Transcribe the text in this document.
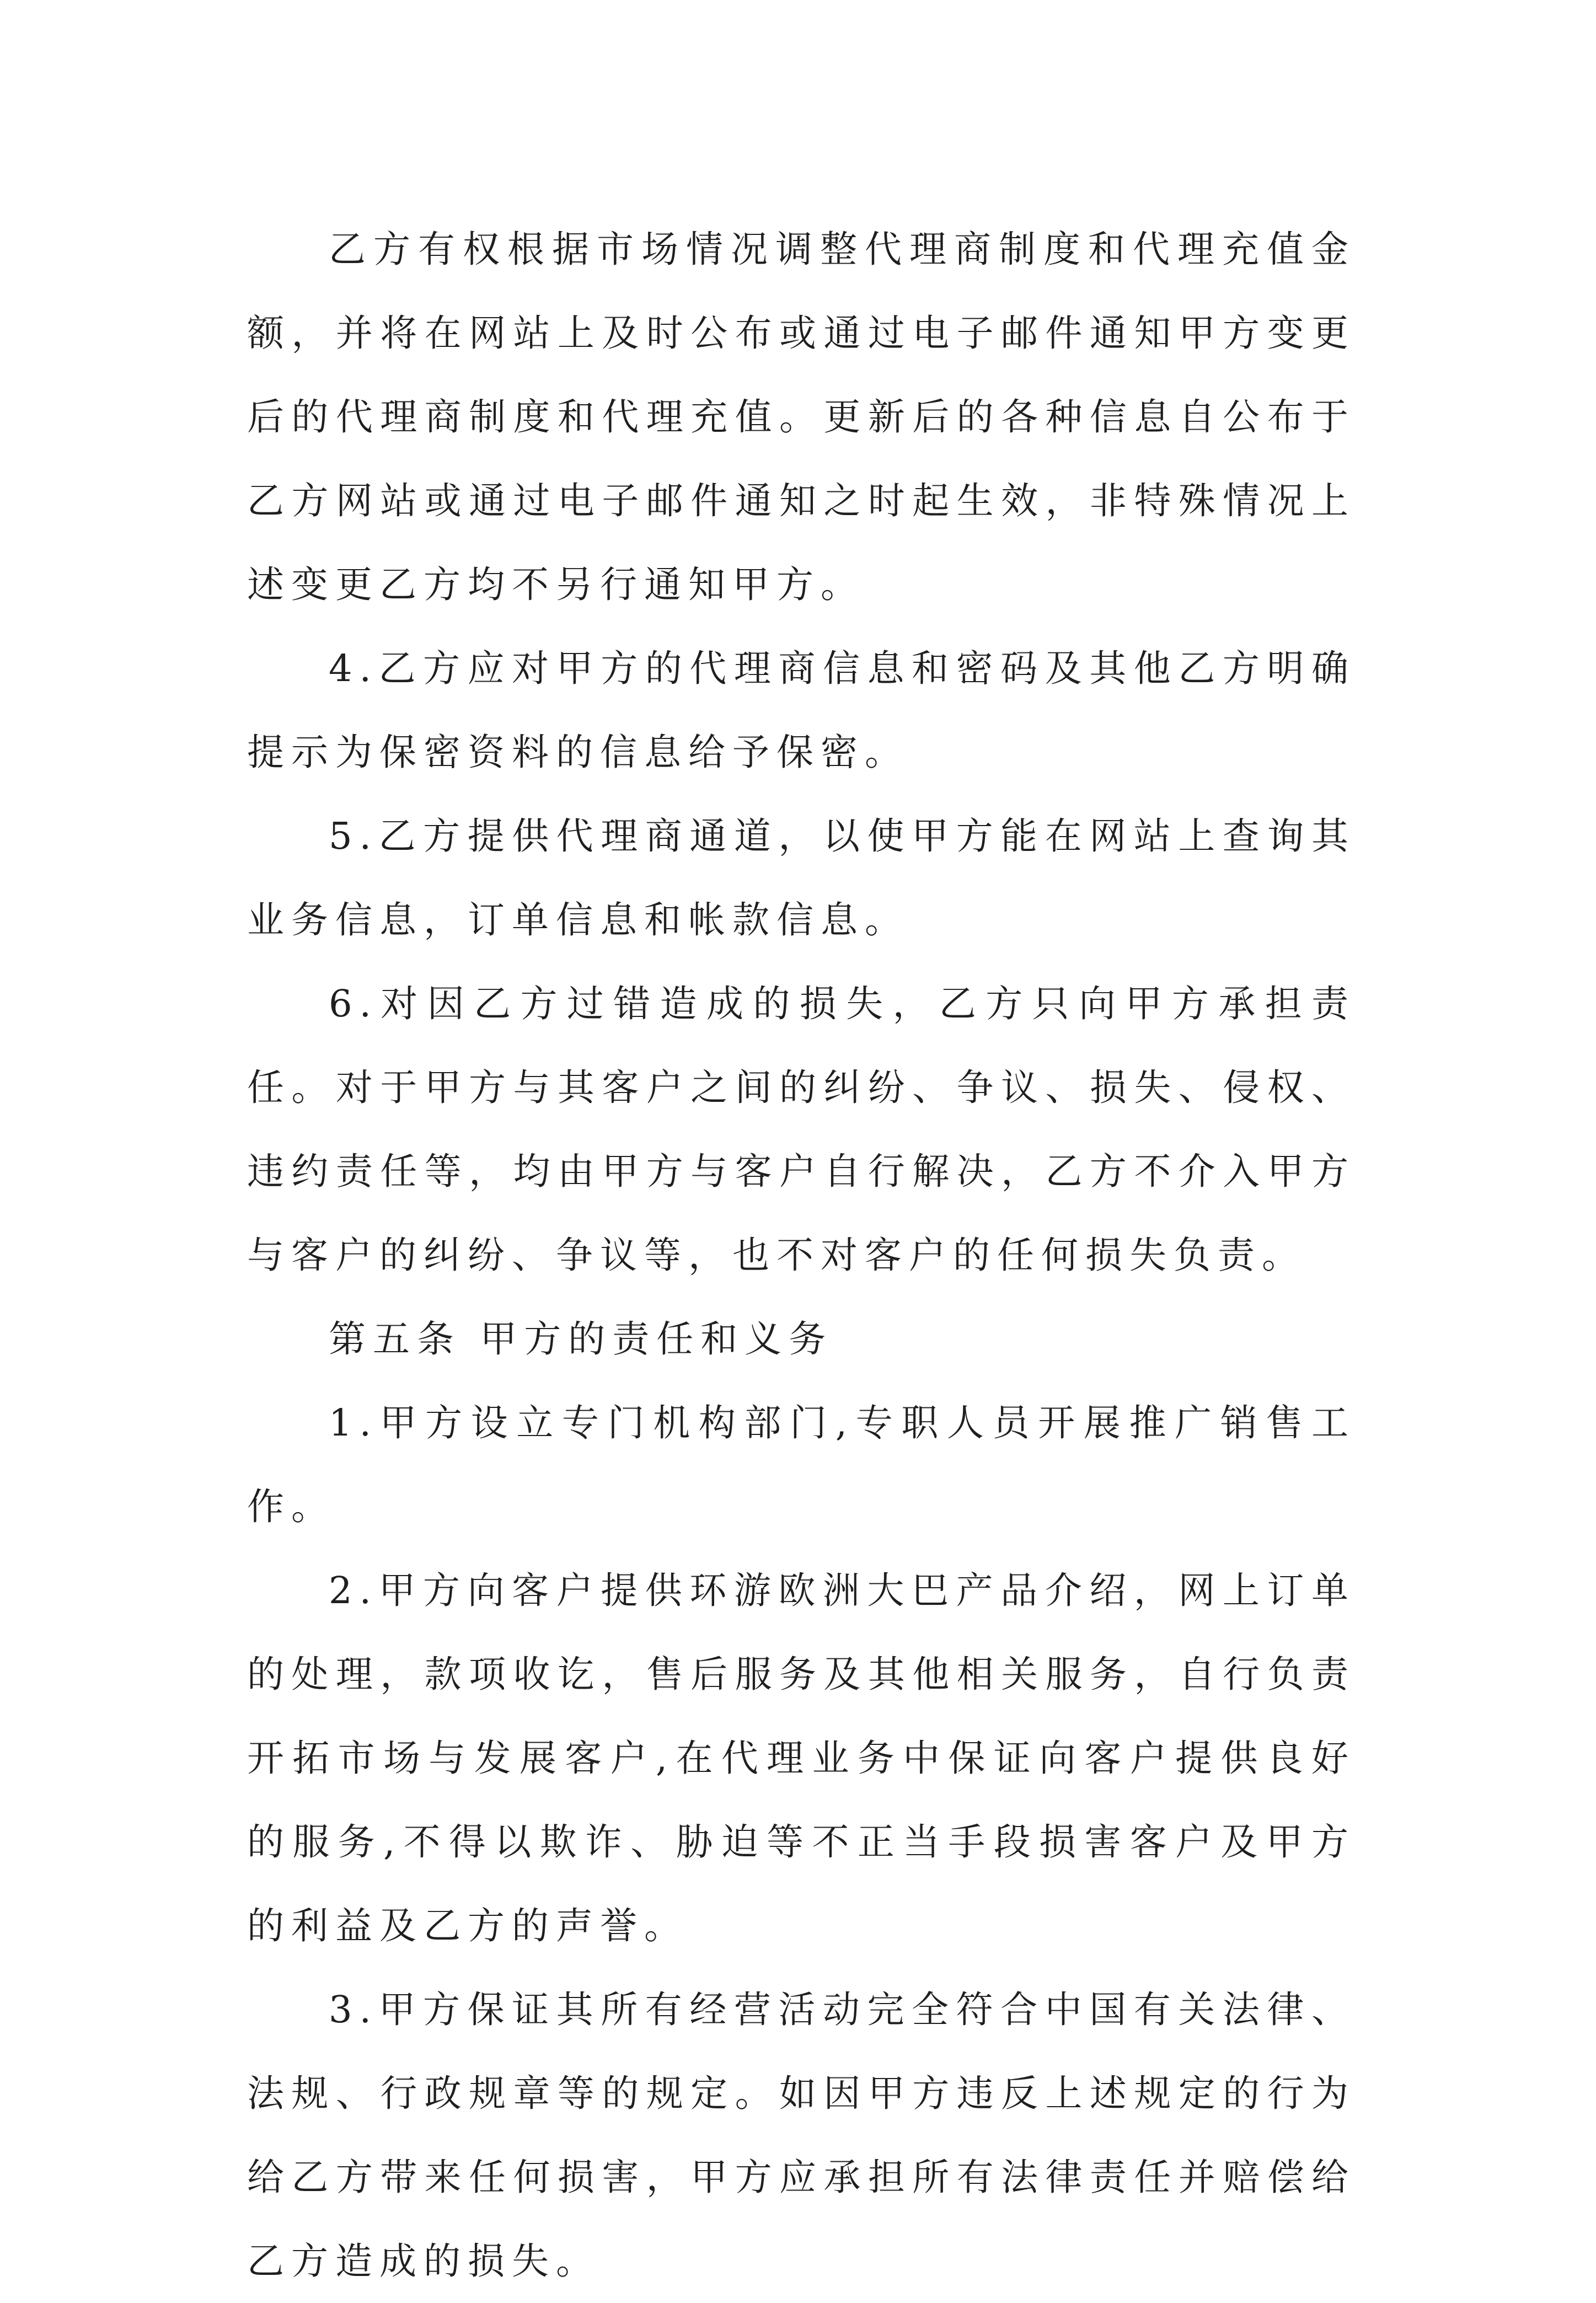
乙方有权根据市场情况调整代理商制度和代理充值金额，并将在网站上及时公布或通过电子邮件通知甲方变更后的代理商制度和代理充值。更新后的各种信息自公布于乙方网站或通过电子邮件通知之时起生效，非特殊情况上述变更乙方均不另行通知甲方。

4.乙方应对甲方的代理商信息和密码及其他乙方明确提示为保密资料的信息给予保密。

5.乙方提供代理商通道，以使甲方能在网站上查询其业务信息，订单信息和帐款信息。

6.对因乙方过错造成的损失，乙方只向甲方承担责任。对于甲方与其客户之间的纠纷、争议、损失、侵权、违约责任等，均由甲方与客户自行解决，乙方不介入甲方与客户的纠纷、争议等，也不对客户的任何损失负责。

第五条 甲方的责任和义务

1.甲方设立专门机构部门,专职人员开展推广销售工作。

2.甲方向客户提供环游欧洲大巴产品介绍，网上订单的处理，款项收讫，售后服务及其他相关服务，自行负责开拓市场与发展客户,在代理业务中保证向客户提供良好的服务,不得以欺诈、胁迫等不正当手段损害客户及甲方的利益及乙方的声誉。

3.甲方保证其所有经营活动完全符合中国有关法律、法规、行政规章等的规定。如因甲方违反上述规定的行为给乙方带来任何损害，甲方应承担所有法律责任并赔偿给乙方造成的损失。
